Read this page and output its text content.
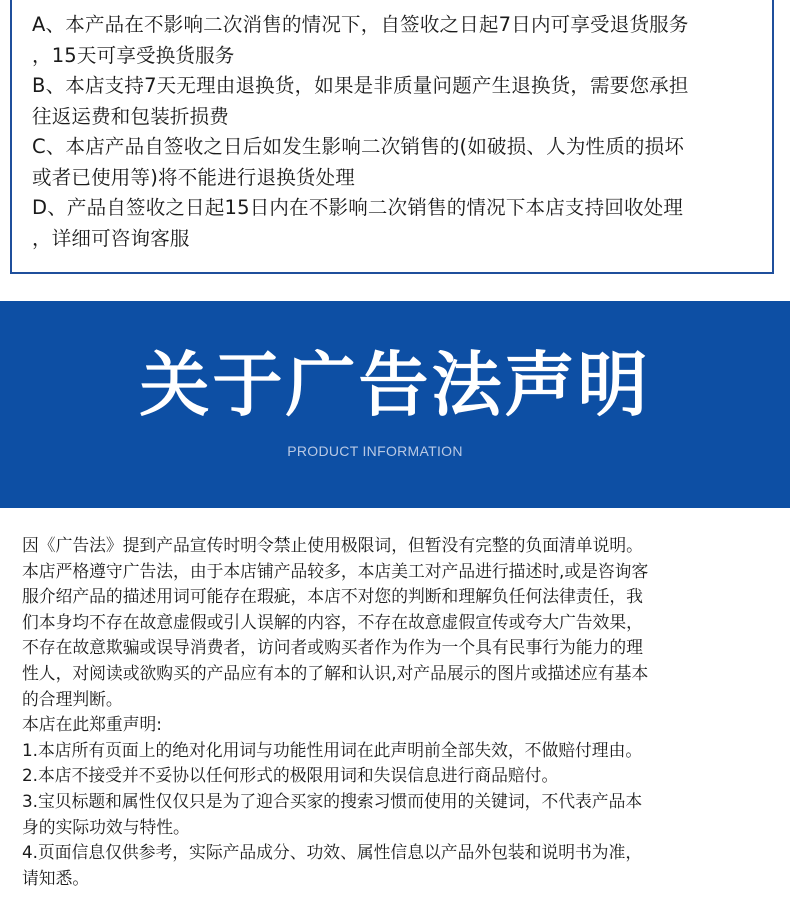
A、本产品在不影响二次消售的情况下，自签收之日起7日内可享受退货服务
，15天可享受换货服务
B、本店支持7天无理由退换货，如果是非质量问题产生退换货，需要您承担
往返运费和包装折损费
C、本店产品自签收之日后如发生影响二次销售的(如破损、人为性质的损坏
或者已使用等)将不能进行退换货处理
D、产品自签收之日起15日内在不影响二次销售的情况下本店支持回收处理
，详细可咨询客服
关于广告法声明
PRODUCT INFORMATION
因《广告法》提到产品宣传时明令禁止使用极限词，但暂没有完整的负面清单说明。
本店严格遵守广告法，由于本店铺产品较多，本店美工对产品进行描述时,或是咨询客
服介绍产品的描述用词可能存在瑕疵，本店不对您的判断和理解负任何法律责任，我
们本身均不存在故意虚假或引人误解的内容，不存在故意虚假宣传或夸大广告效果，
不存在故意欺骗或误导消费者，访问者或购买者作为作为一个具有民事行为能力的理
性人，对阅读或欲购买的产品应有本的了解和认识,对产品展示的图片或描述应有基本
的合理判断。
本店在此郑重声明:
1.本店所有页面上的绝对化用词与功能性用词在此声明前全部失效，不做赔付理由。
2.本店不接受并不妥协以任何形式的极限用词和失误信息进行商品赔付。
3.宝贝标题和属性仅仅只是为了迎合买家的搜索习惯而使用的关键词，不代表产品本
身的实际功效与特性。
4.页面信息仅供参考，实际产品成分、功效、属性信息以产品外包装和说明书为准，
请知悉。
